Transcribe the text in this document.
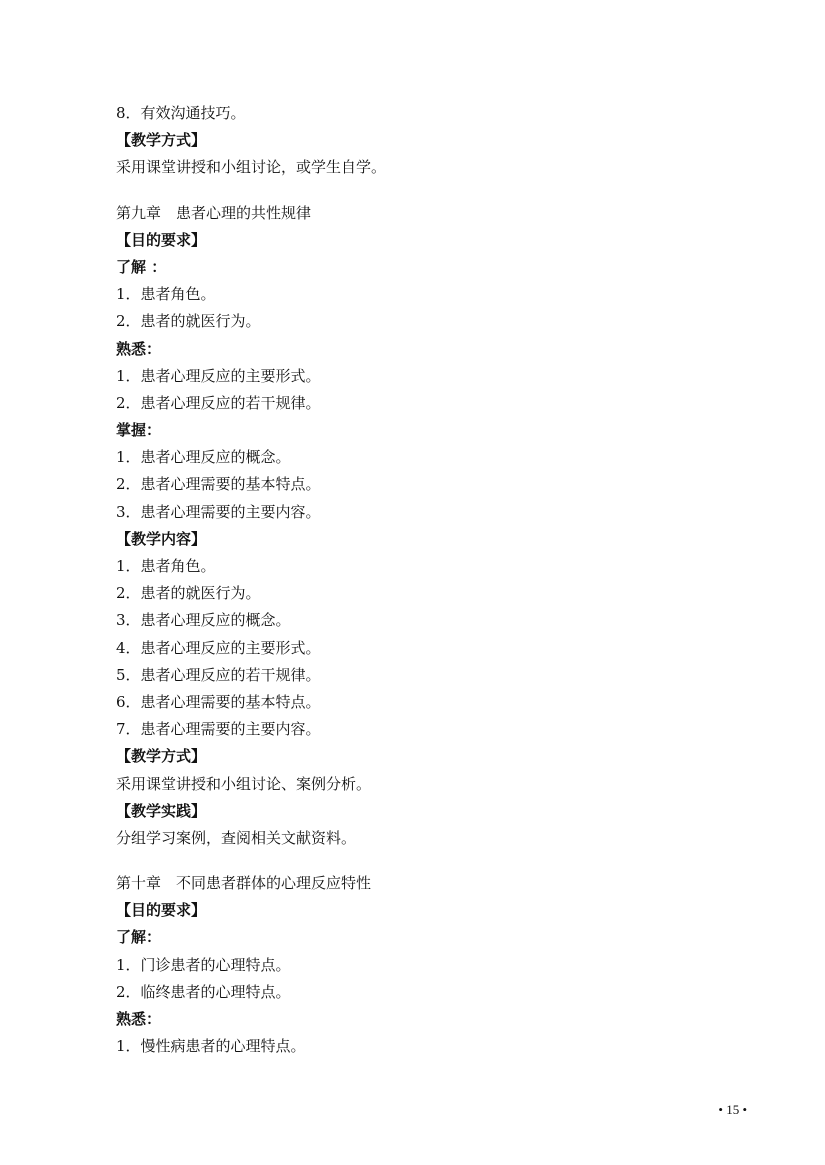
8．有效沟通技巧。
【教学方式】
采用课堂讲授和小组讨论，或学生自学。
第九章　患者心理的共性规律
【目的要求】
了解 ：
1．患者角色。
2．患者的就医行为。
熟悉：
1．患者心理反应的主要形式。
2．患者心理反应的若干规律。
掌握：
1．患者心理反应的概念。
2．患者心理需要的基本特点。
3．患者心理需要的主要内容。
【教学内容】
1．患者角色。
2．患者的就医行为。
3．患者心理反应的概念。
4．患者心理反应的主要形式。
5．患者心理反应的若干规律。
6．患者心理需要的基本特点。
7．患者心理需要的主要内容。
【教学方式】
采用课堂讲授和小组讨论、案例分析。
【教学实践】
分组学习案例，查阅相关文献资料。
第十章　不同患者群体的心理反应特性
【目的要求】
了解：
1．门诊患者的心理特点。
2．临终患者的心理特点。
熟悉：
1．慢性病患者的心理特点。
• 15 •
